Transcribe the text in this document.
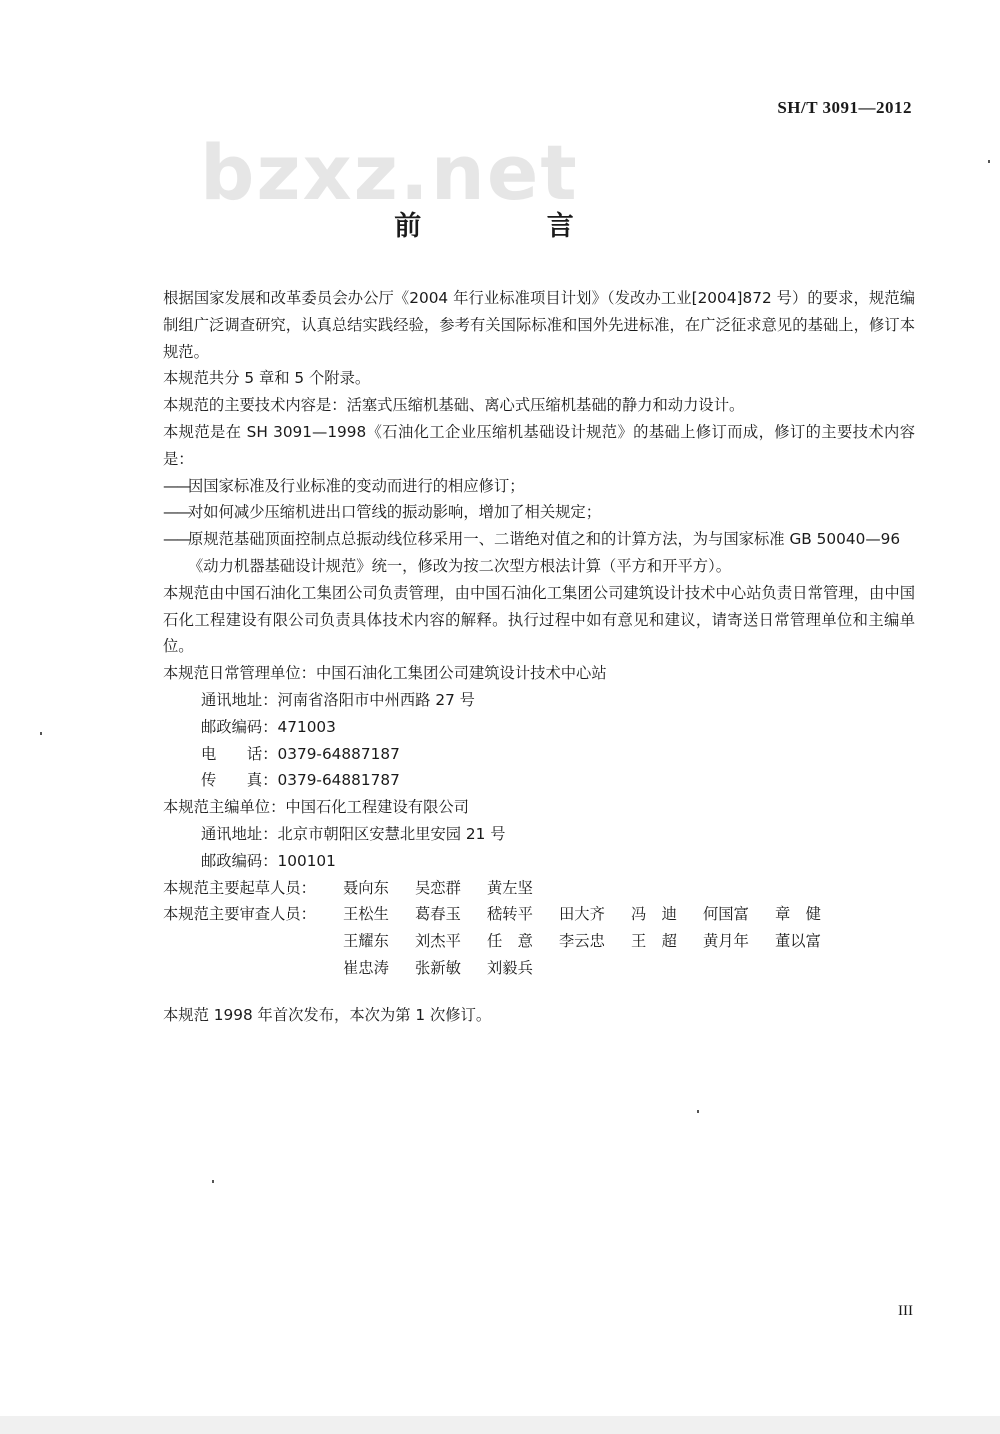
SH/T 3091—2012
bzxz.net
前 言

根据国家发展和改革委员会办公厅《2004 年行业标准项目计划》（发改办工业[2004]872 号）的要求，规范编制组广泛调查研究，认真总结实践经验，参考有关国际标准和国外先进标准，在广泛征求意见的基础上，修订本规范。

本规范共分 5 章和 5 个附录。

本规范的主要技术内容是：活塞式压缩机基础、离心式压缩机基础的静力和动力设计。

本规范是在 SH 3091—1998《石油化工企业压缩机基础设计规范》的基础上修订而成，修订的主要技术内容是：

——
因国家标准及行业标准的变动而进行的相应修订；
——
对如何减少压缩机进出口管线的振动影响，增加了相关规定；
——
原规范基础顶面控制点总振动线位移采用一、二谐绝对值之和的计算方法，为与国家标准 GB 50040—96《动力机器基础设计规范》统一，修改为按二次型方根法计算（平方和开平方）。

本规范由中国石油化工集团公司负责管理，由中国石油化工集团公司建筑设计技术中心站负责日常管理，由中国石化工程建设有限公司负责具体技术内容的解释。执行过程中如有意见和建议，请寄送日常管理单位和主编单位。

本规范日常管理单位： 中国石油化工集团公司建筑设计技术中心站
通讯地址： 河南省洛阳市中州西路 27 号
邮政编码： 471003
电　　话： 0379-64887187
传　　真： 0379-64881787
本规范主编单位： 中国石化工程建设有限公司
通讯地址： 北京市朝阳区安慧北里安园 21 号
邮政编码： 100101
本规范主要起草人员：	聂向东	吴恋群	黄左坚
本规范主要审查人员：	王松生	葛春玉	嵇转平	田大齐	冯　迪	何国富	章　健
王耀东	刘杰平	任　意	李云忠	王　超	黄月年	董以富
崔忠涛	张新敏	刘毅兵

本规范 1998 年首次发布，本次为第 1 次修订。

III
